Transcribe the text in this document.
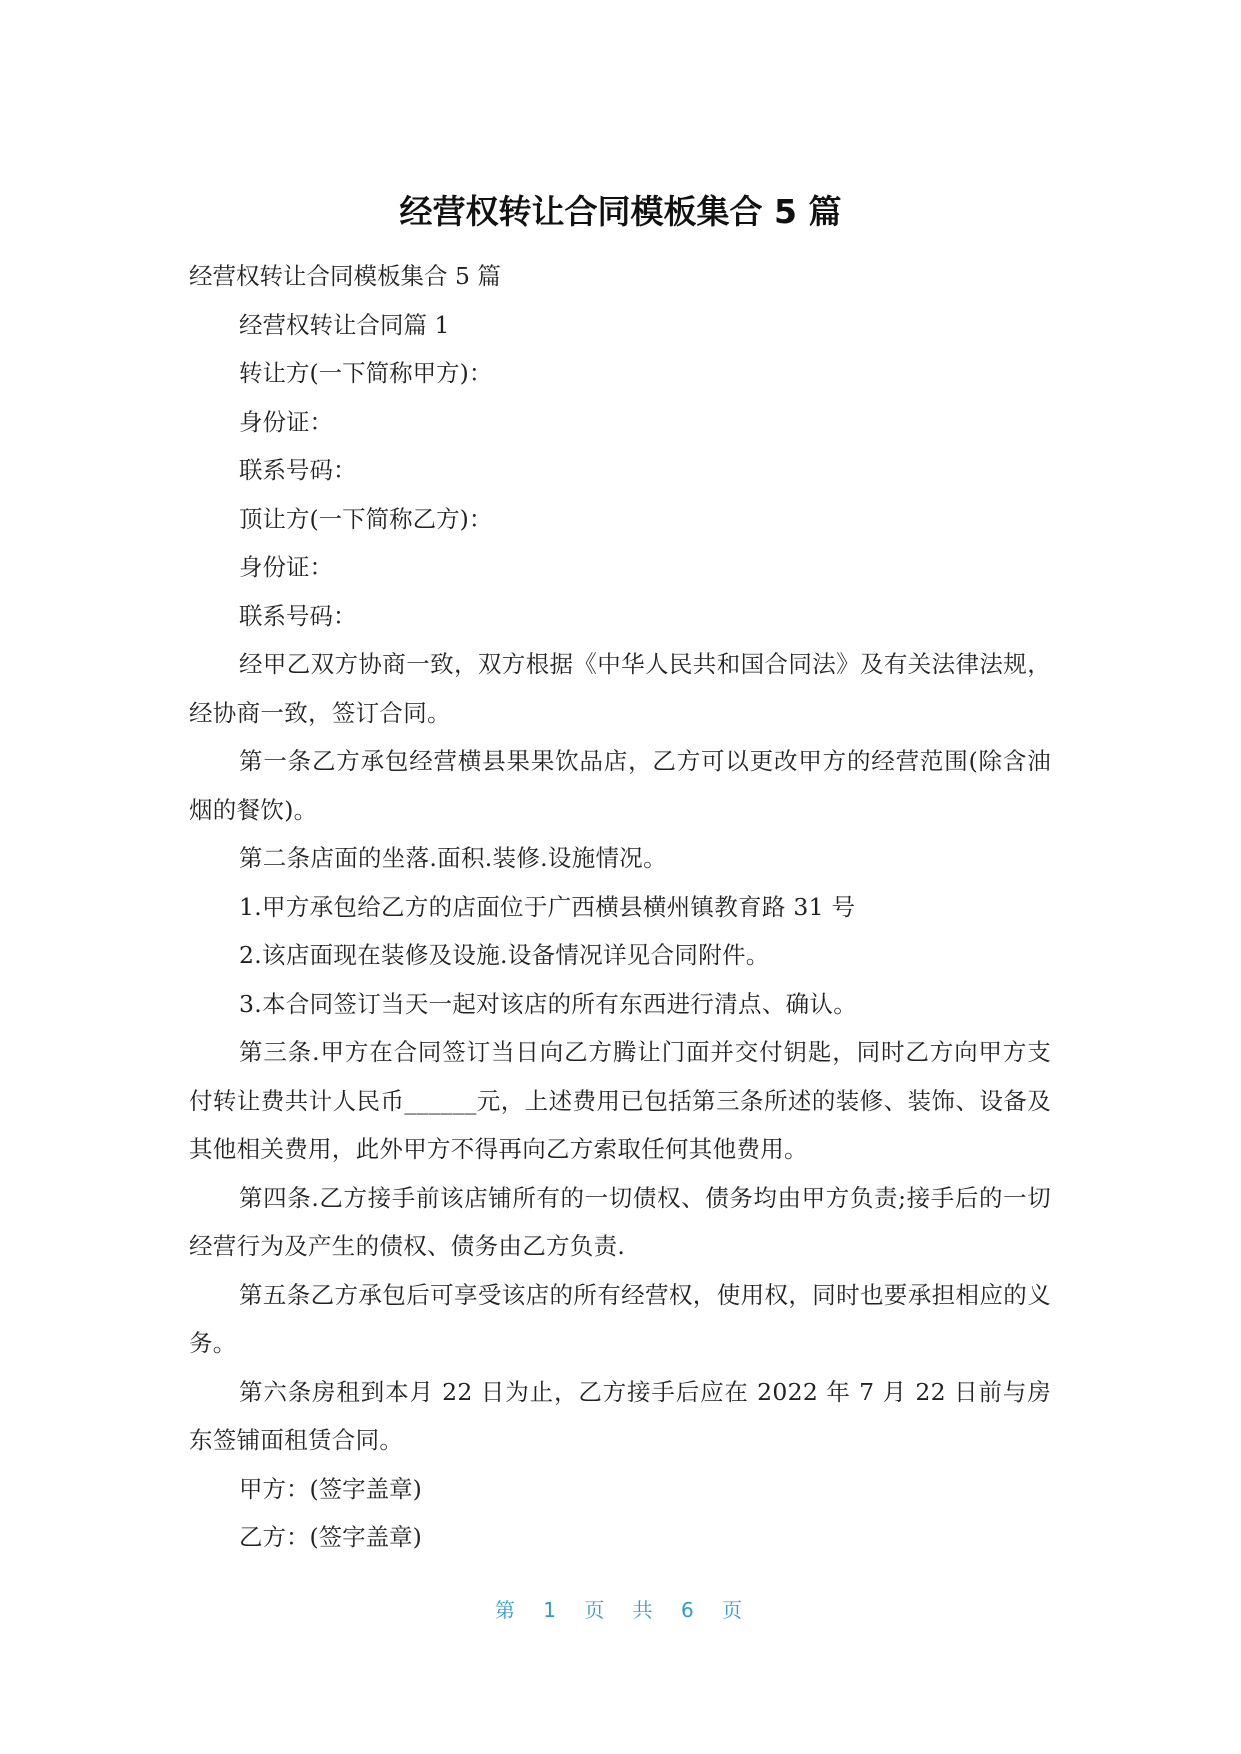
经营权转让合同模板集合 5 篇

经营权转让合同模板集合 5 篇

经营权转让合同篇 1

转让方(一下简称甲方)：

身份证：

联系号码：

顶让方(一下简称乙方)：

身份证：

联系号码：

经甲乙双方协商一致，双方根据《中华人民共和国合同法》及有关法律法规，经协商一致，签订合同。

第一条乙方承包经营横县果果饮品店，乙方可以更改甲方的经营范围(除含油烟的餐饮)。

第二条店面的坐落.面积.装修.设施情况。

1.甲方承包给乙方的店面位于广西横县横州镇教育路 31 号

2.该店面现在装修及设施.设备情况详见合同附件。

3.本合同签订当天一起对该店的所有东西进行清点、确认。

第三条.甲方在合同签订当日向乙方腾让门面并交付钥匙，同时乙方向甲方支付转让费共计人民币______元，上述费用已包括第三条所述的装修、装饰、设备及其他相关费用，此外甲方不得再向乙方索取任何其他费用。

第四条.乙方接手前该店铺所有的一切债权、债务均由甲方负责;接手后的一切经营行为及产生的债权、债务由乙方负责.

第五条乙方承包后可享受该店的所有经营权，使用权，同时也要承担相应的义务。

第六条房租到本月 22 日为止，乙方接手后应在 2022 年 7 月 22 日前与房东签铺面租赁合同。

甲方：(签字盖章)

乙方：(签字盖章)

第 1 页 共 6 页
